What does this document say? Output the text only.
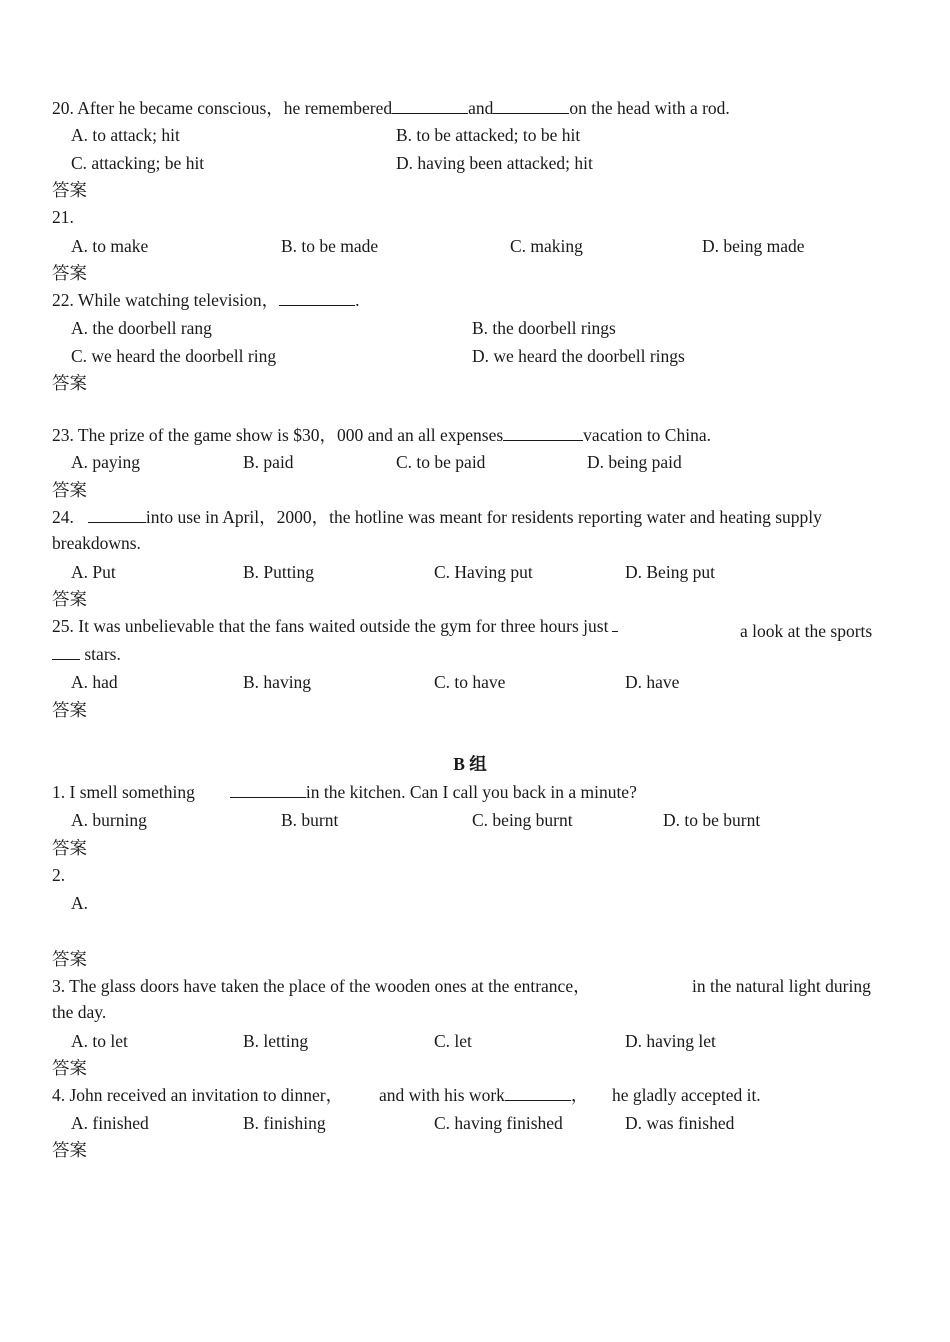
20. After he became conscious，he remembered	and	on the head with a rod.
A. to attack; hit	B. to be attacked; to be hit
C. attacking; be hit	D. having been attacked; hit
答案
21.
A. to make	B. to be made	C. making	D. being made
答案
22. While watching television，	.
A. the doorbell rang	B. the doorbell rings
C. we heard the doorbell ring	D. we heard the doorbell rings
答案
23. The prize of the game show is $30，000 and an all expenses	vacation to China.
A. paying	B. paid	C. to be paid	D. being paid
答案
24.	into use in April，2000，the hotline was meant for residents reporting water and heating supply
breakdowns.
A. Put	B. Putting	C. Having put	D. Being put
答案
25. It was unbelievable that the fans waited outside the gym for three hours just	a look at the sports
stars.
A. had	B. having	C. to have	D. have
答案
B 组
1. I smell something	in the kitchen. Can I call you back in a minute?
A. burning	B. burnt	C. being burnt	D. to be burnt
答案
2.
A.
答案
3. The glass doors have taken the place of the wooden ones at the entrance，	in the natural light during
the day.
A. to let	B. letting	C. let	D. having let
答案
4. John received an invitation to dinner， and with his work	， he gladly accepted it.
A. finished	B. finishing	C. having finished	D. was finished
答案
